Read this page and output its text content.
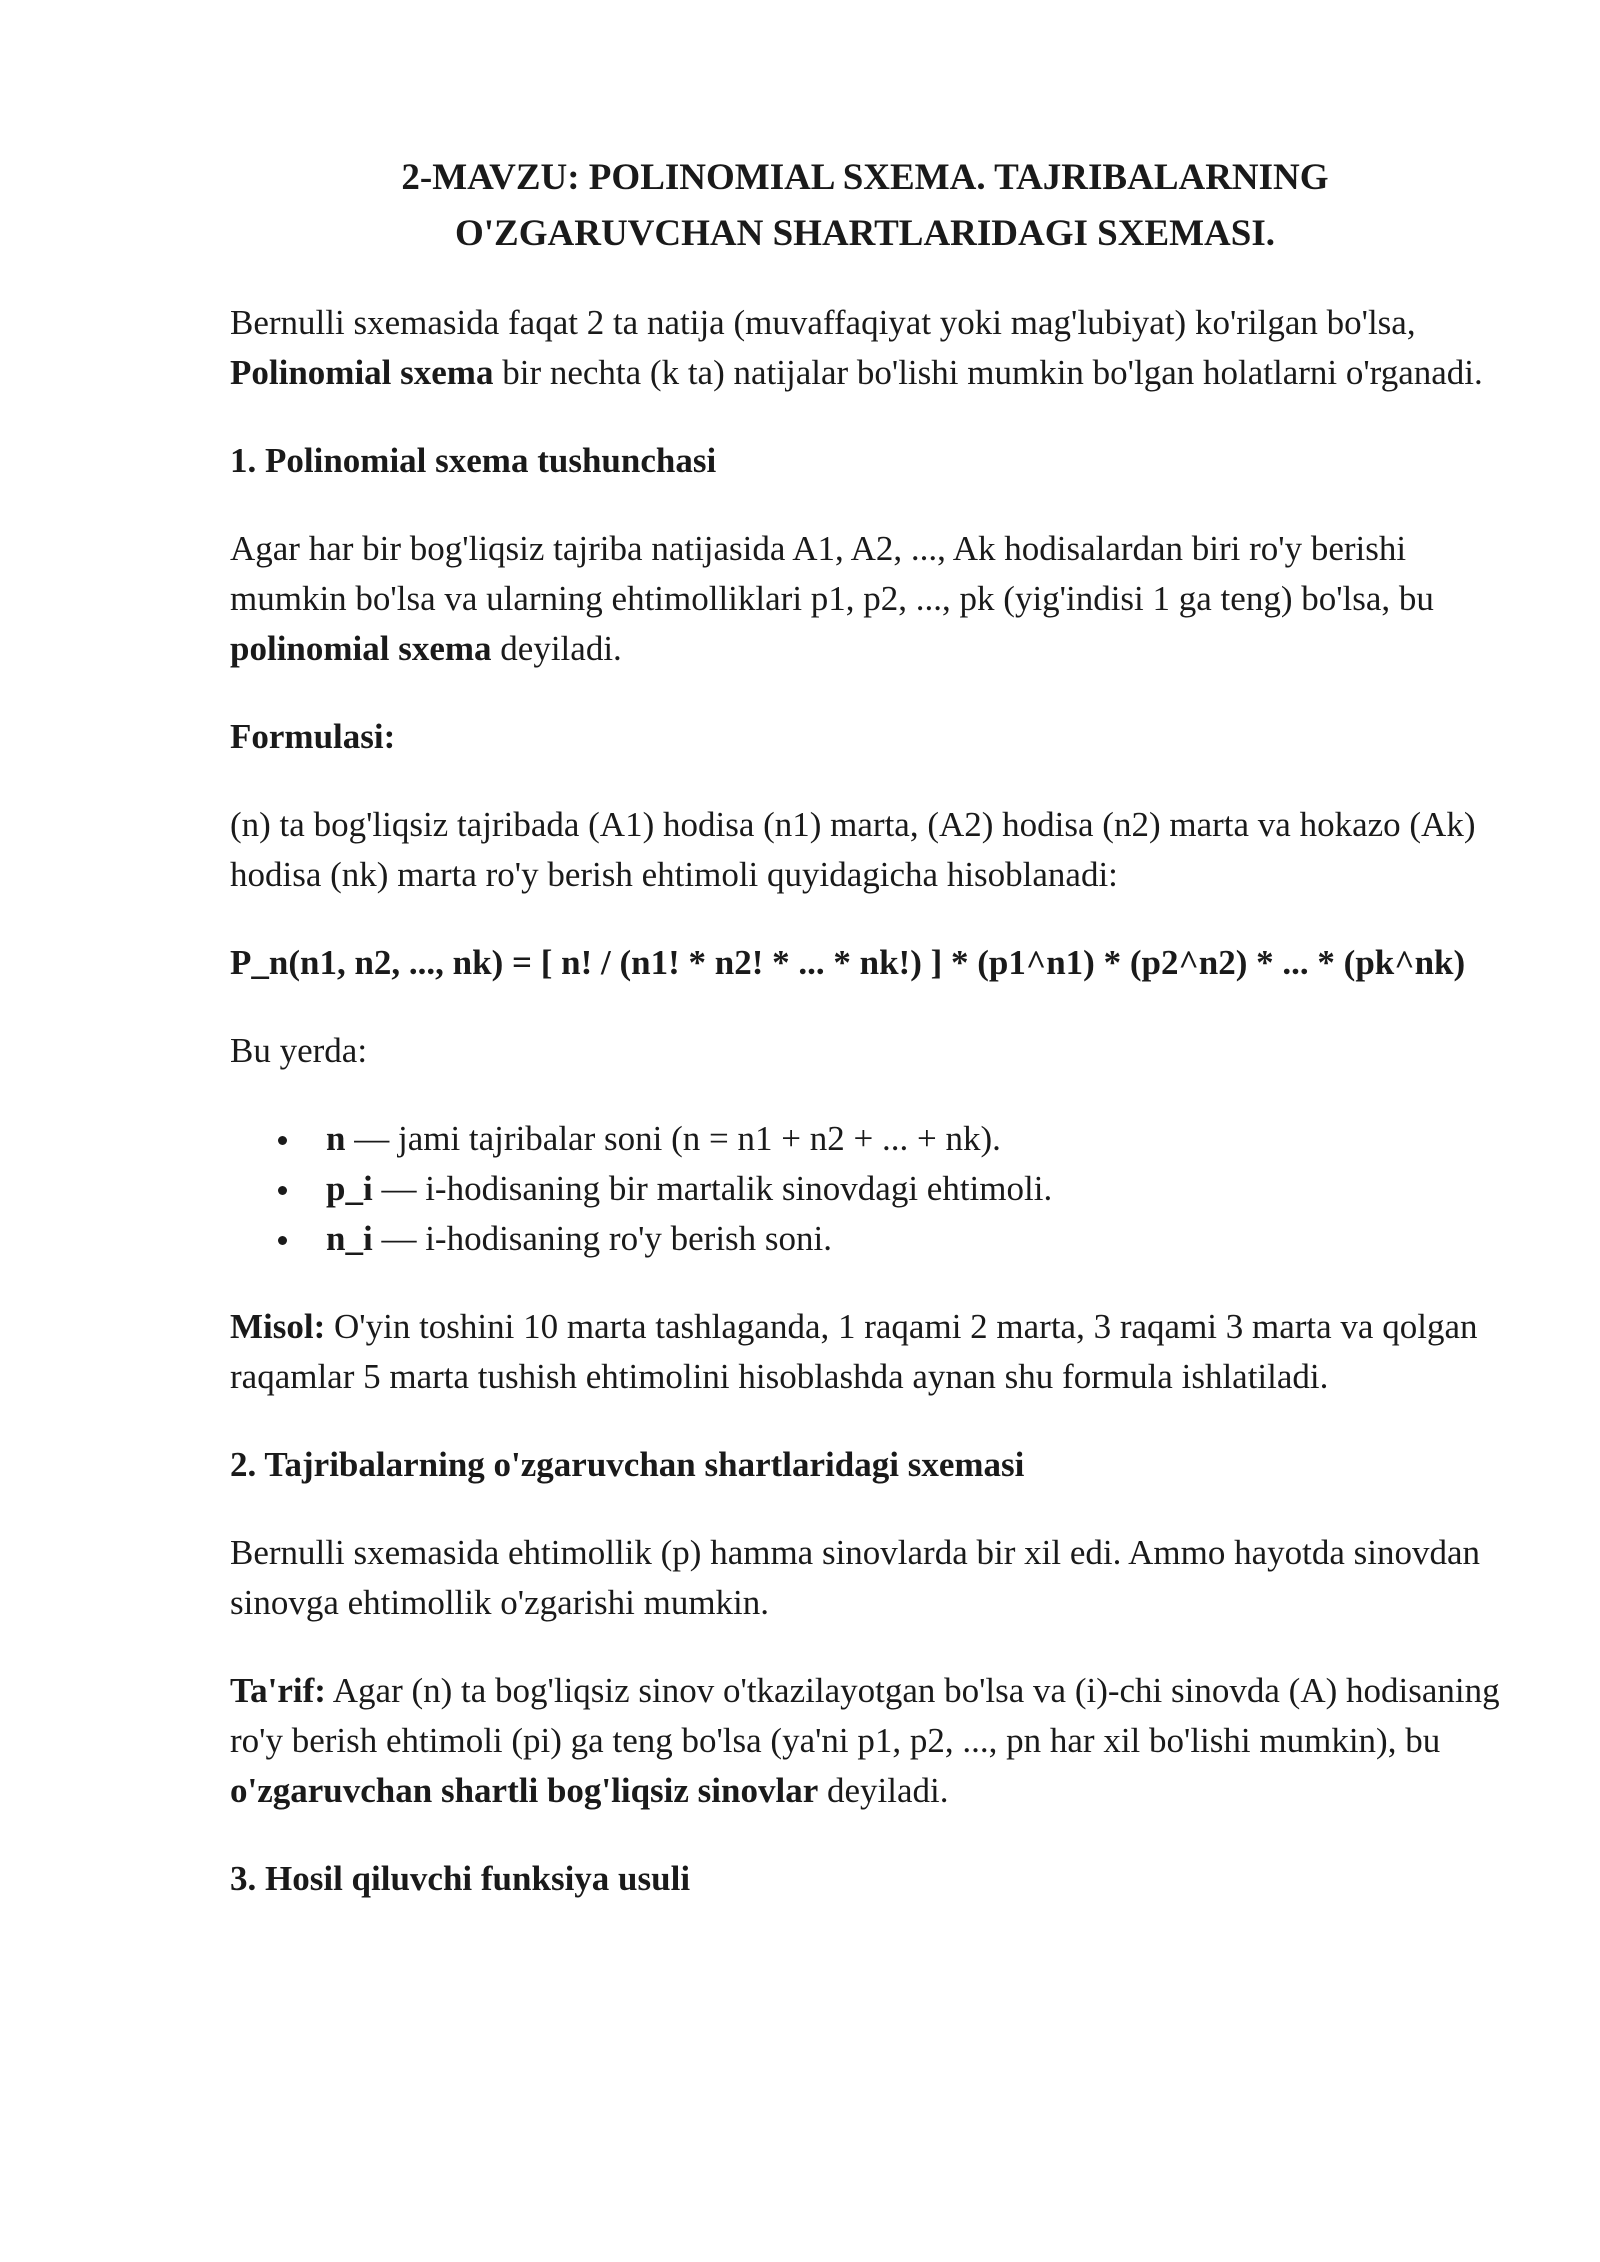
2-MAVZU: POLINOMIAL SXEMA. TAJRIBALARNING
O'ZGARUVCHAN SHARTLARIDAGI SXEMASI.

Bernulli sxemasida faqat 2 ta natija (muvaffaqiyat yoki mag'lubiyat) ko'rilgan bo'lsa, Polinomial sxema bir nechta (k ta) natijalar bo'lishi mumkin bo'lgan holatlarni o'rganadi.

1. Polinomial sxema tushunchasi

Agar har bir bog'liqsiz tajriba natijasida A1, A2, ..., Ak hodisalardan biri ro'y berishi mumkin bo'lsa va ularning ehtimolliklari p1, p2, ..., pk (yig'indisi 1 ga teng) bo'lsa, bu polinomial sxema deyiladi.

Formulasi:

(n) ta bog'liqsiz tajribada (A1) hodisa (n1) marta, (A2) hodisa (n2) marta va hokazo (Ak) hodisa (nk) marta ro'y berish ehtimoli quyidagicha hisoblanadi:

P_n(n1, n2, ..., nk) = [ n! / (n1! * n2! * ... * nk!) ] * (p1^n1) * (p2^n2) * ... * (pk^nk)

Bu yerda:

n — jami tajribalar soni (n = n1 + n2 + ... + nk).
p_i — i-hodisaning bir martalik sinovdagi ehtimoli.
n_i — i-hodisaning ro'y berish soni.

Misol: O'yin toshini 10 marta tashlaganda, 1 raqami 2 marta, 3 raqami 3 marta va qolgan raqamlar 5 marta tushish ehtimolini hisoblashda aynan shu formula ishlatiladi.

2. Tajribalarning o'zgaruvchan shartlaridagi sxemasi

Bernulli sxemasida ehtimollik (p) hamma sinovlarda bir xil edi. Ammo hayotda sinovdan sinovga ehtimollik o'zgarishi mumkin.

Ta'rif: Agar (n) ta bog'liqsiz sinov o'tkazilayotgan bo'lsa va (i)-chi sinovda (A) hodisaning ro'y berish ehtimoli (pi) ga teng bo'lsa (ya'ni p1, p2, ..., pn har xil bo'lishi mumkin), bu o'zgaruvchan shartli bog'liqsiz sinovlar deyiladi.

3. Hosil qiluvchi funksiya usuli
